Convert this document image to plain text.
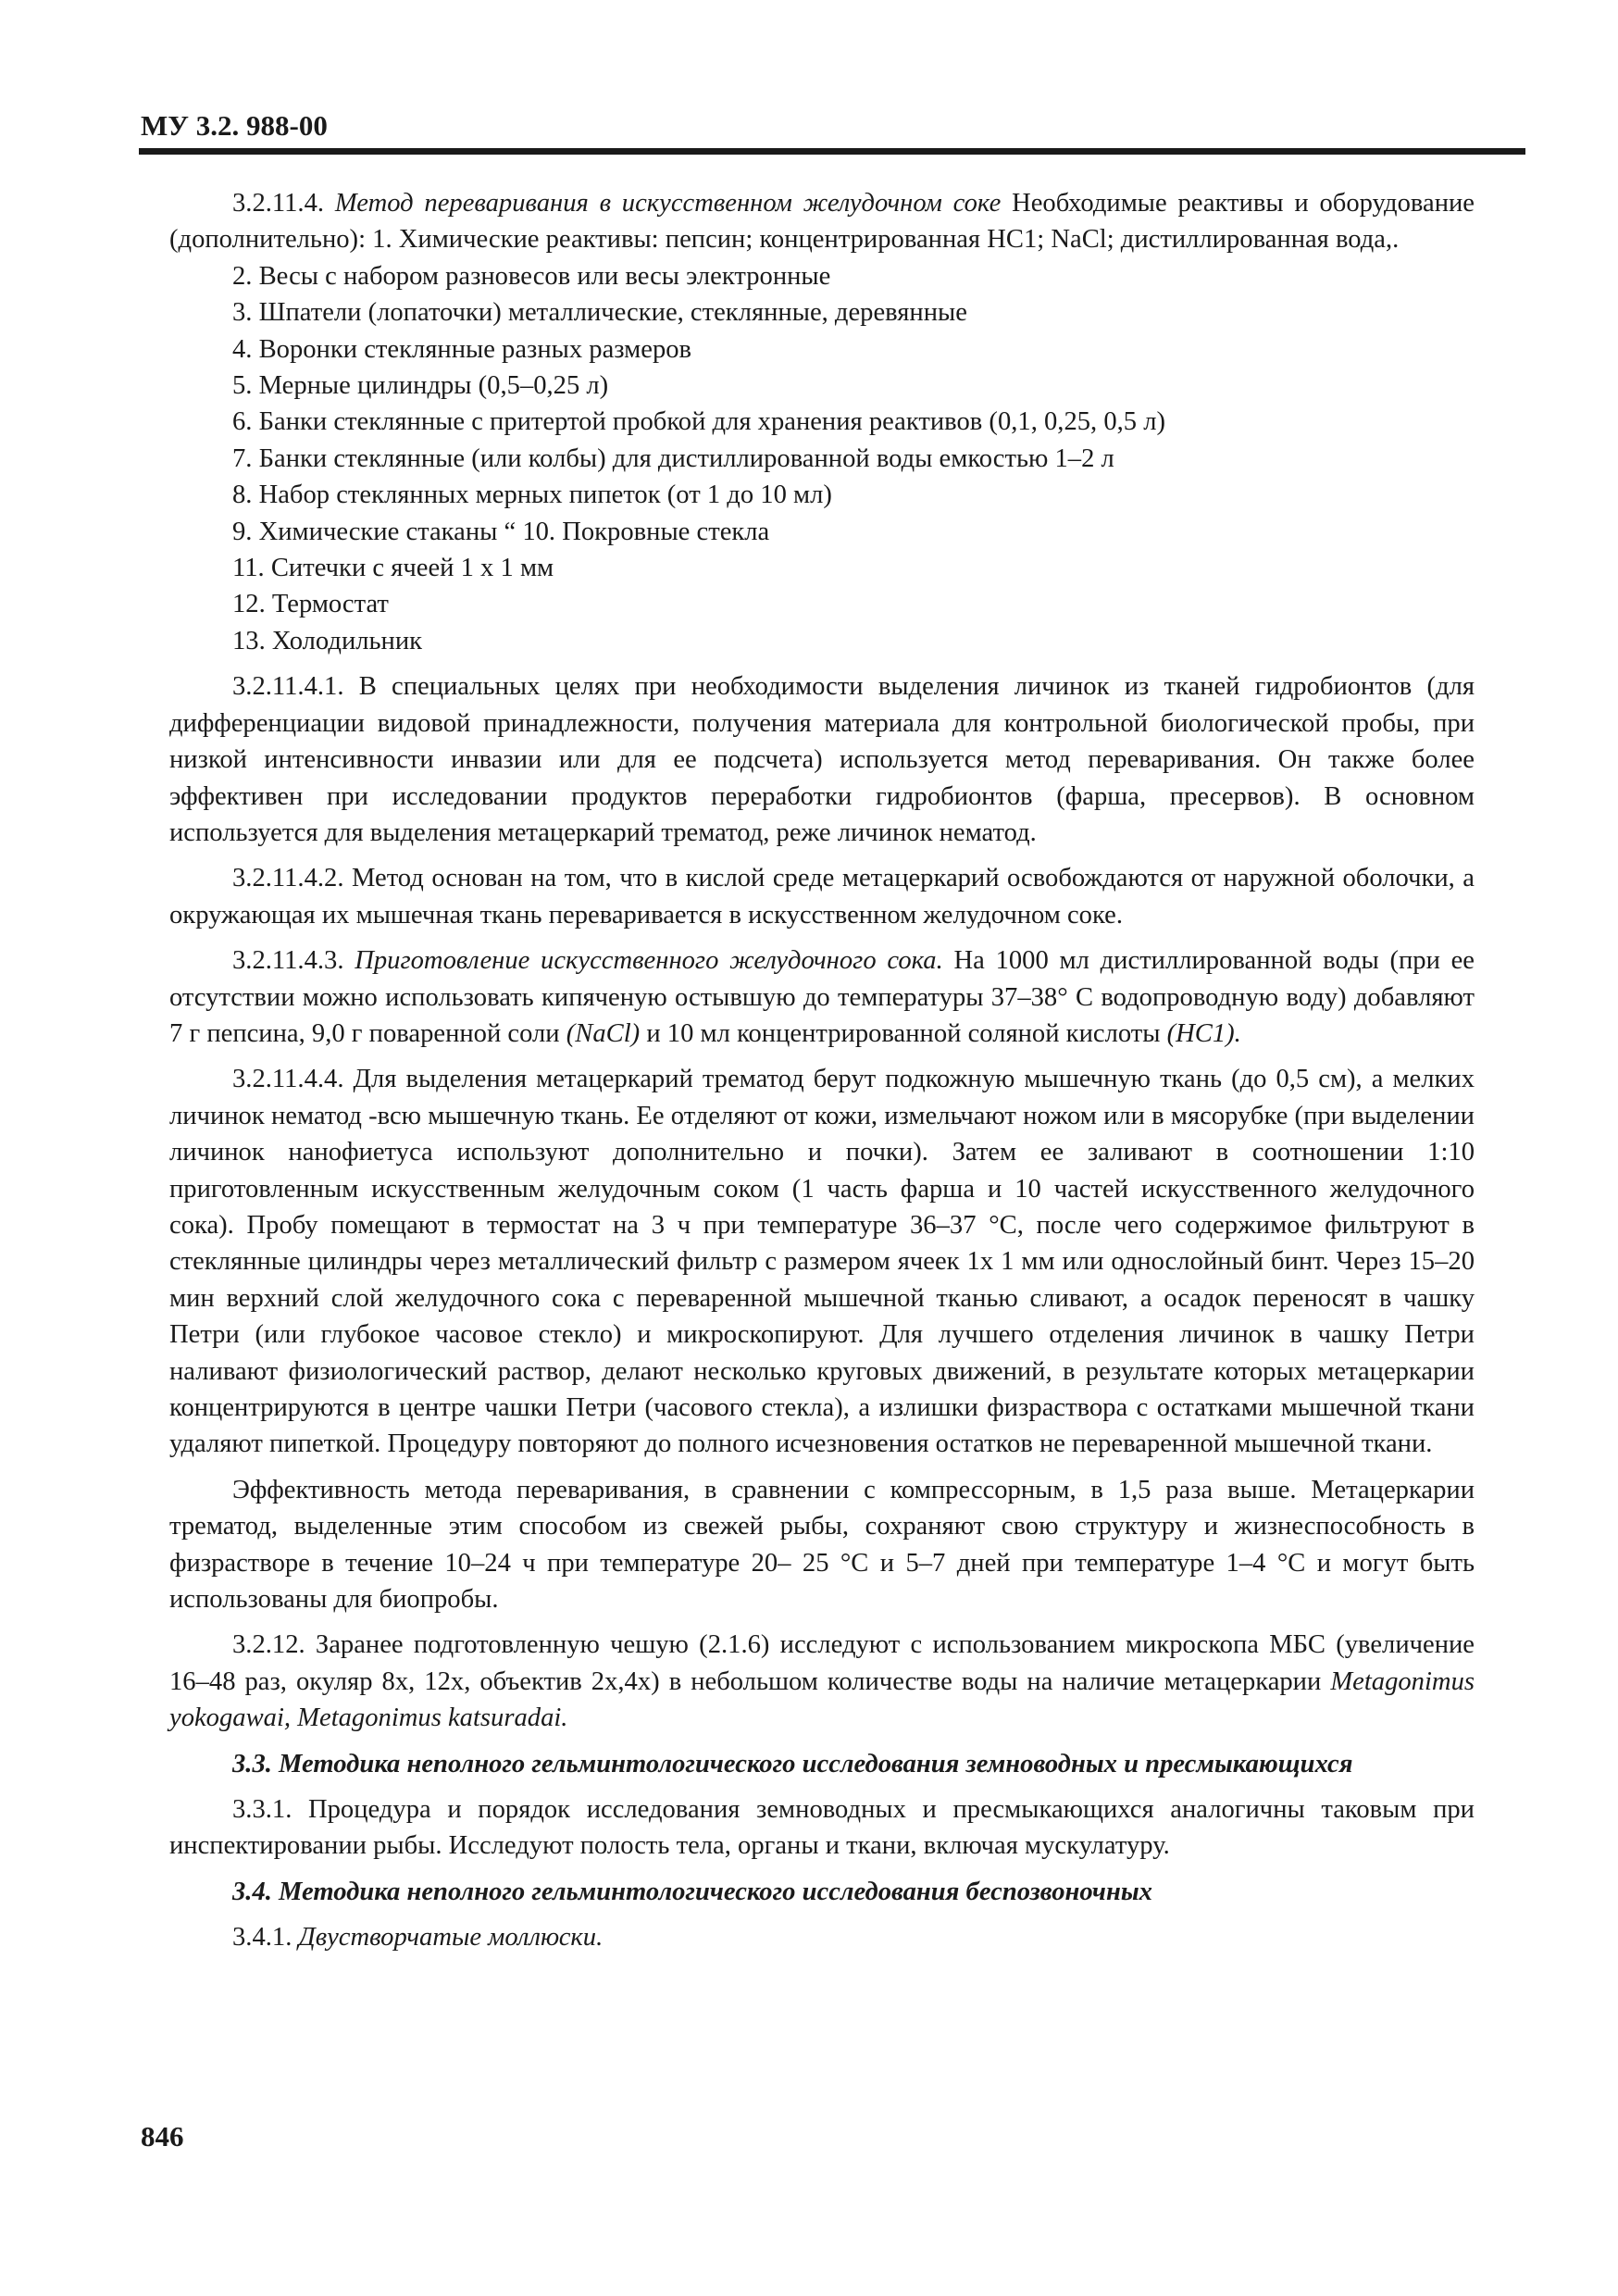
МУ 3.2. 988-00

3.2.11.4. Метод переваривания в искусственном желудочном соке Необходимые реактивы и оборудование (дополнительно): 1. Химические реактивы: пепсин; концентрированная HC1; NaCl; дистиллированная вода,.

2. Весы с набором разновесов или весы электронные
3. Шпатели (лопаточки) металлические, стеклянные, деревянные
4. Воронки стеклянные разных размеров
5. Мерные цилиндры (0,5–0,25 л)
6. Банки стеклянные с притертой пробкой для хранения реактивов (0,1, 0,25, 0,5 л)
7. Банки стеклянные (или колбы) для дистиллированной воды емкостью 1–2 л
8. Набор стеклянных мерных пипеток (от 1 до 10 мл)
9. Химические стаканы “ 10. Покровные стекла
11. Ситечки с ячеей 1 х 1 мм
12. Термостат
13. Холодильник

3.2.11.4.1. В специальных целях при необходимости выделения личинок из тканей гидробионтов (для дифференциации видовой принадлежности, получения материала для контрольной биологической пробы, при низкой интенсивности инвазии или для ее подсчета) используется метод переваривания. Он также более эффективен при исследовании продуктов переработки гидробионтов (фарша, пресервов). В основном используется для выделения метацеркарий трематод, реже личинок нематод.

3.2.11.4.2. Метод основан на том, что в кислой среде метацеркарий освобождаются от наружной оболочки, а окружающая их мышечная ткань переваривается в искусственном желудочном соке.

3.2.11.4.3. Приготовление искусственного желудочного сока. На 1000 мл дистиллированной воды (при ее отсутствии можно использовать кипяченую остывшую до температуры 37–38° С водопроводную воду) добавляют 7 г пепсина, 9,0 г поваренной соли (NaCl) и 10 мл концентрированной соляной кислоты (HC1).

3.2.11.4.4. Для выделения метацеркарий трематод берут подкожную мышечную ткань (до 0,5 см), а мелких личинок нематод -всю мышечную ткань. Ее отделяют от кожи, измельчают ножом или в мясорубке (при выделении личинок нанофиетуса используют дополнительно и почки). Затем ее заливают в соотношении 1:10 приготовленным искусственным желудочным соком (1 часть фарша и 10 частей искусственного желудочного сока). Пробу помещают в термостат на 3 ч при температуре 36–37 °С, после чего содержимое фильтруют в стеклянные цилиндры через металлический фильтр с размером ячеек 1х 1 мм или однослойный бинт. Через 15–20 мин верхний слой желудочного сока с переваренной мышечной тканью сливают, а осадок переносят в чашку Петри (или глубокое часовое стекло) и микроскопируют. Для лучшего отделения личинок в чашку Петри наливают физиологический раствор, делают несколько круговых движений, в результате которых метацеркарии концентрируются в центре чашки Петри (часового стекла), а излишки физраствора с остатками мышечной ткани удаляют пипеткой. Процедуру повторяют до полного исчезновения остатков не переваренной мышечной ткани.

Эффективность метода переваривания, в сравнении с компрессорным, в 1,5 раза выше. Метацеркарии трематод, выделенные этим способом из свежей рыбы, сохраняют свою структуру и жизнеспособность в физрастворе в течение 10–24 ч при температуре 20– 25 °С и 5–7 дней при температуре 1–4 °С и могут быть использованы для биопробы.

3.2.12. Заранее подготовленную чешую (2.1.6) исследуют с использованием микроскопа МБС (увеличение 16–48 раз, окуляр 8х, 12х, объектив 2х,4х) в небольшом количестве воды на наличие метацеркарии Metagonimus yokogawai, Metagonimus katsuradai.

3.3. Методика неполного гельминтологического исследования земноводных и пресмыкающихся

3.3.1. Процедура и порядок исследования земноводных и пресмыкающихся аналогичны таковым при инспектировании рыбы. Исследуют полость тела, органы и ткани, включая мускулатуру.

3.4. Методика неполного гельминтологического исследования беспозвоночных

3.4.1. Двустворчатые моллюски.

846
